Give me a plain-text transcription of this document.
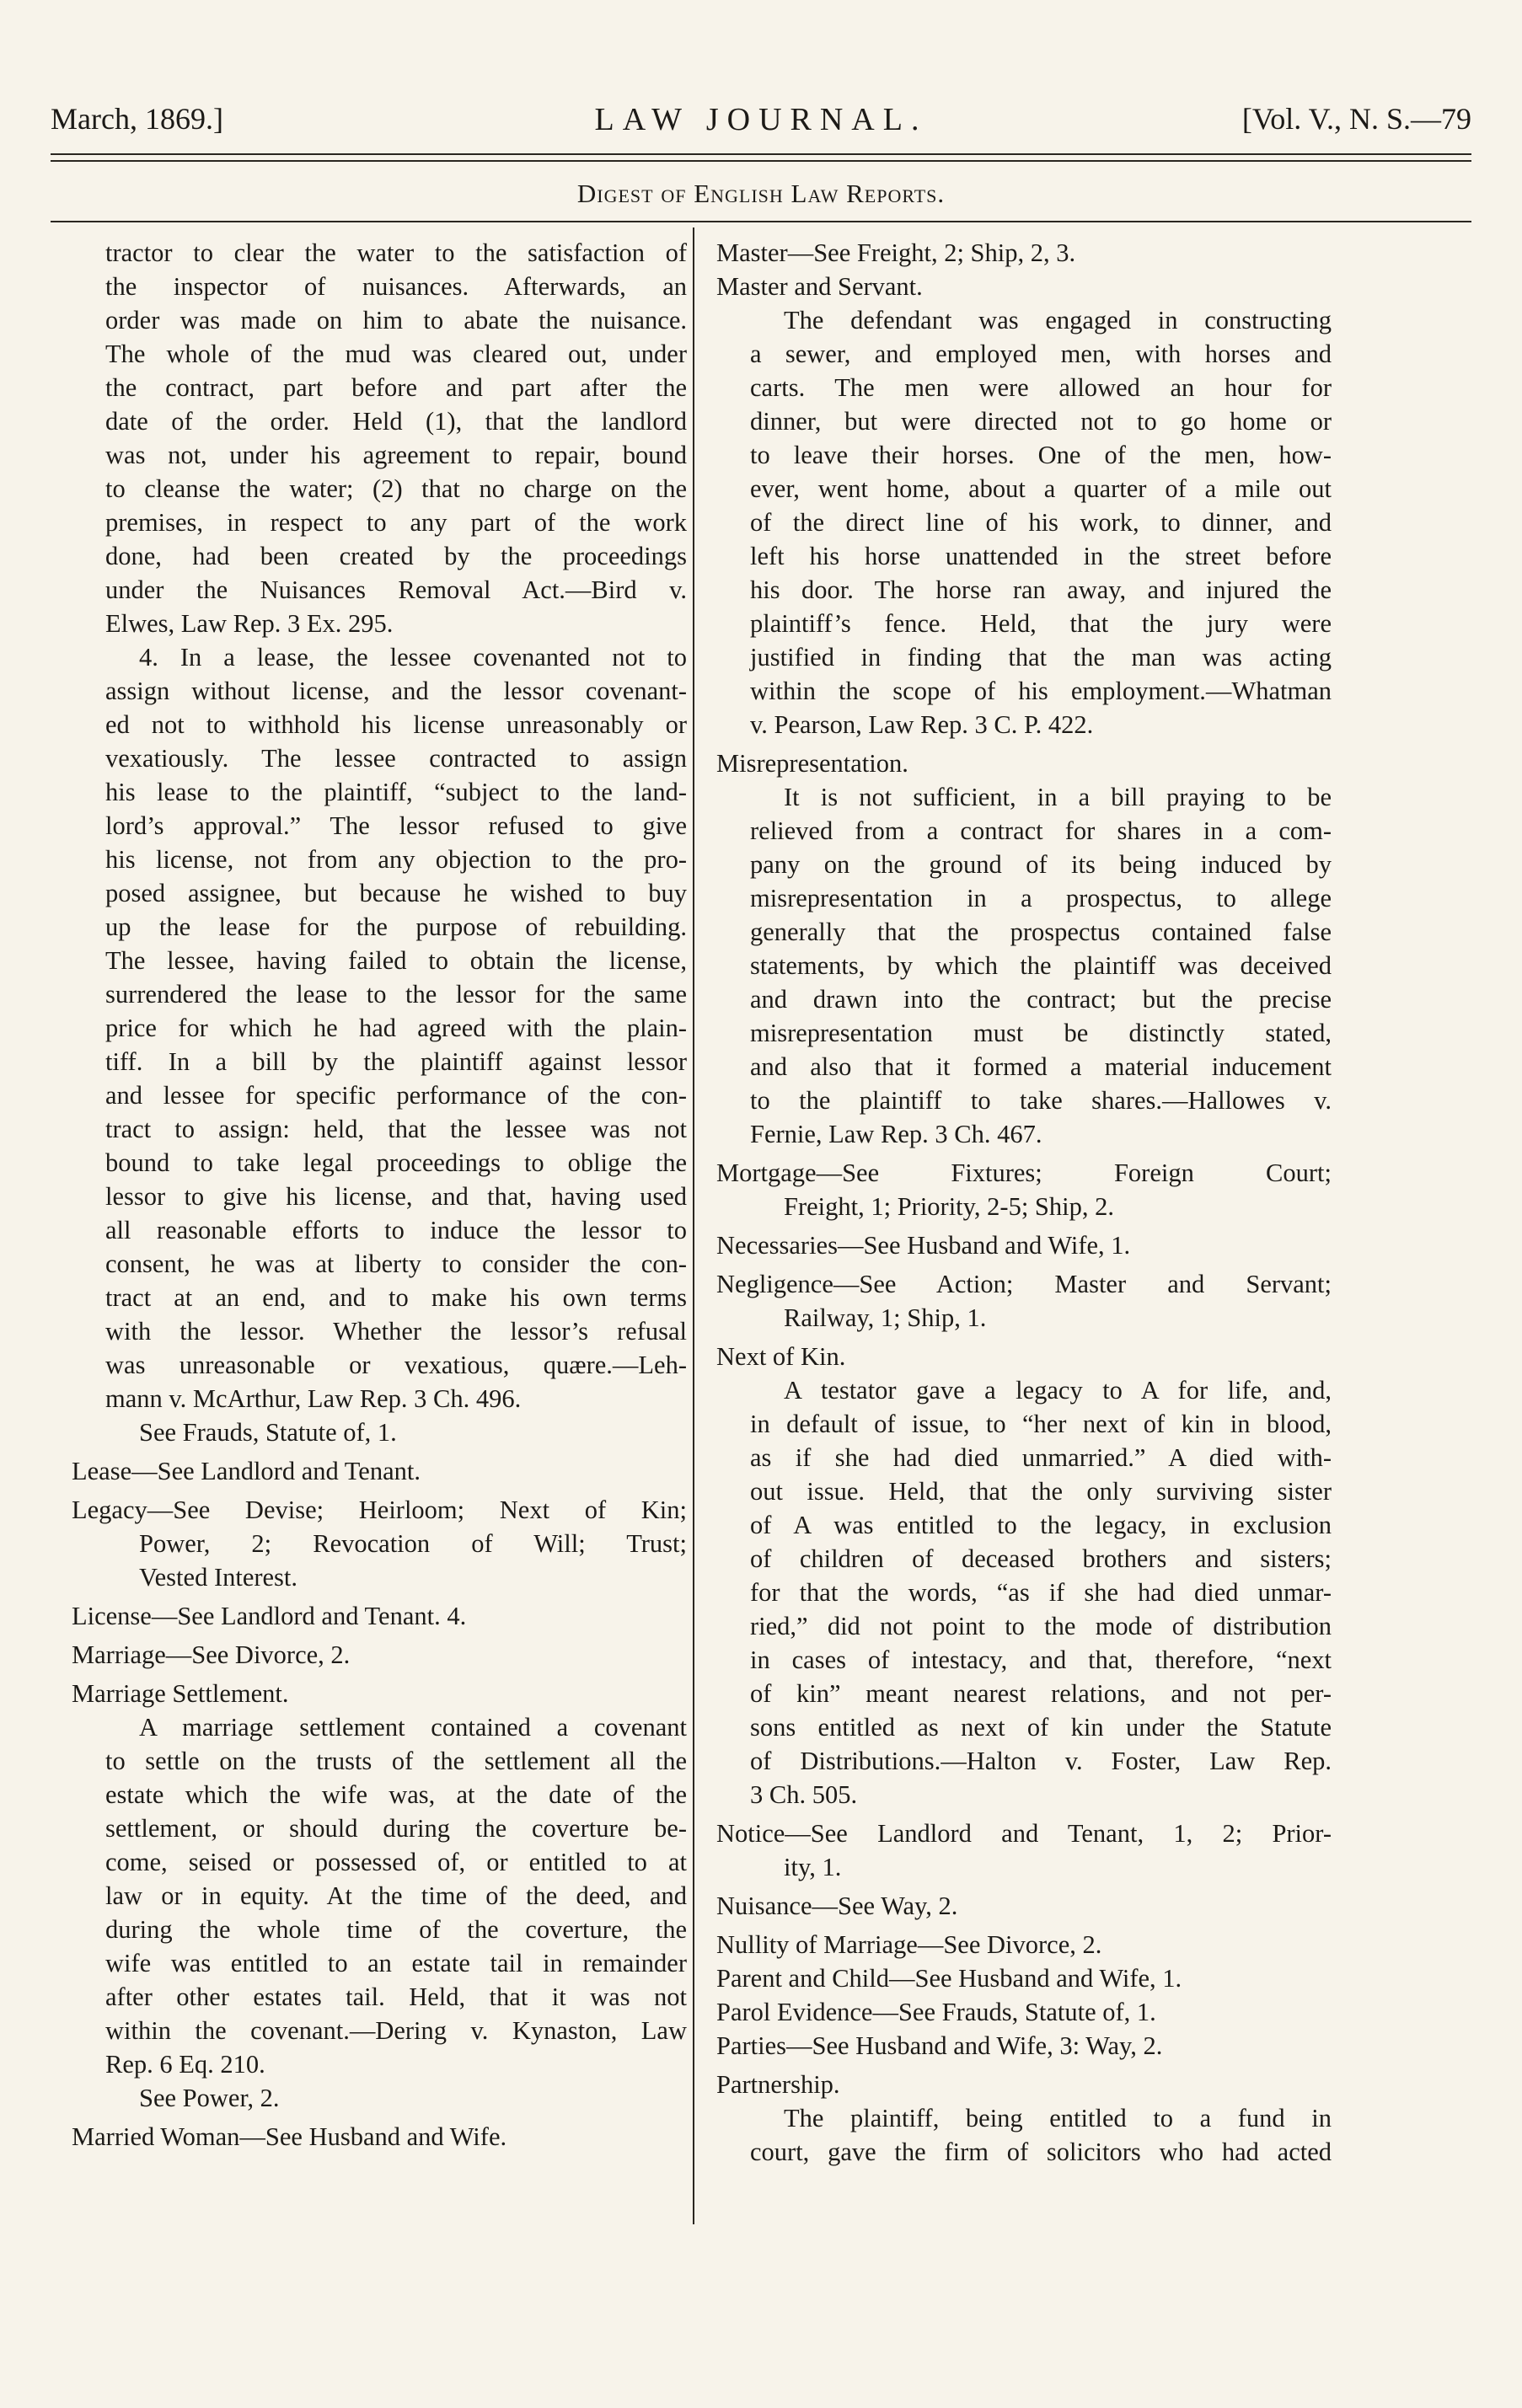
March, 1869.]	LAW JOURNAL.	[Vol. V., N. S.—79
Digest of English Law Reports.
tractor to clear the water to the satisfaction of
the inspector of nuisances. Afterwards, an
order was made on him to abate the nuisance.
The whole of the mud was cleared out, under
the contract, part before and part after the
date of the order. Held (1), that the landlord
was not, under his agreement to repair, bound
to cleanse the water; (2) that no charge on the
premises, in respect to any part of the work
done, had been created by the proceedings
under the Nuisances Removal Act.—Bird v.
Elwes, Law Rep. 3 Ex. 295.
4. In a lease, the lessee covenanted not to
assign without license, and the lessor covenant-
ed not to withhold his license unreasonably or
vexatiously. The lessee contracted to assign
his lease to the plaintiff, “subject to the land-
lord’s approval.” The lessor refused to give
his license, not from any objection to the pro-
posed assignee, but because he wished to buy
up the lease for the purpose of rebuilding.
The lessee, having failed to obtain the license,
surrendered the lease to the lessor for the same
price for which he had agreed with the plain-
tiff. In a bill by the plaintiff against lessor
and lessee for specific performance of the con-
tract to assign: held, that the lessee was not
bound to take legal proceedings to oblige the
lessor to give his license, and that, having used
all reasonable efforts to induce the lessor to
consent, he was at liberty to consider the con-
tract at an end, and to make his own terms
with the lessor. Whether the lessor’s refusal
was unreasonable or vexatious, quære.—Leh-
mann v. McArthur, Law Rep. 3 Ch. 496.
See Frauds, Statute of, 1.
Lease—See Landlord and Tenant.
Legacy—See Devise; Heirloom; Next of Kin;
Power, 2; Revocation of Will; Trust;
Vested Interest.
License—See Landlord and Tenant. 4.
Marriage—See Divorce, 2.
Marriage Settlement.
A marriage settlement contained a covenant
to settle on the trusts of the settlement all the
estate which the wife was, at the date of the
settlement, or should during the coverture be-
come, seised or possessed of, or entitled to at
law or in equity. At the time of the deed, and
during the whole time of the coverture, the
wife was entitled to an estate tail in remainder
after other estates tail. Held, that it was not
within the covenant.—Dering v. Kynaston, Law
Rep. 6 Eq. 210.
See Power, 2.
Married Woman—See Husband and Wife.
Master—See Freight, 2; Ship, 2, 3.
Master and Servant.
The defendant was engaged in constructing
a sewer, and employed men, with horses and
carts. The men were allowed an hour for
dinner, but were directed not to go home or
to leave their horses. One of the men, how-
ever, went home, about a quarter of a mile out
of the direct line of his work, to dinner, and
left his horse unattended in the street before
his door. The horse ran away, and injured the
plaintiff’s fence. Held, that the jury were
justified in finding that the man was acting
within the scope of his employment.—Whatman
v. Pearson, Law Rep. 3 C. P. 422.
Misrepresentation.
It is not sufficient, in a bill praying to be
relieved from a contract for shares in a com-
pany on the ground of its being induced by
misrepresentation in a prospectus, to allege
generally that the prospectus contained false
statements, by which the plaintiff was deceived
and drawn into the contract; but the precise
misrepresentation must be distinctly stated,
and also that it formed a material inducement
to the plaintiff to take shares.—Hallowes v.
Fernie, Law Rep. 3 Ch. 467.
Mortgage—See Fixtures; Foreign Court;
Freight, 1; Priority, 2-5; Ship, 2.
Necessaries—See Husband and Wife, 1.
Negligence—See Action; Master and Servant;
Railway, 1; Ship, 1.
Next of Kin.
A testator gave a legacy to A for life, and,
in default of issue, to “her next of kin in blood,
as if she had died unmarried.” A died with-
out issue. Held, that the only surviving sister
of A was entitled to the legacy, in exclusion
of children of deceased brothers and sisters;
for that the words, “as if she had died unmar-
ried,” did not point to the mode of distribution
in cases of intestacy, and that, therefore, “next
of kin” meant nearest relations, and not per-
sons entitled as next of kin under the Statute
of Distributions.—Halton v. Foster, Law Rep.
3 Ch. 505.
Notice—See Landlord and Tenant, 1, 2; Prior-
ity, 1.
Nuisance—See Way, 2.
Nullity of Marriage—See Divorce, 2.
Parent and Child—See Husband and Wife, 1.
Parol Evidence—See Frauds, Statute of, 1.
Parties—See Husband and Wife, 3: Way, 2.
Partnership.
The plaintiff, being entitled to a fund in
court, gave the firm of solicitors who had acted
